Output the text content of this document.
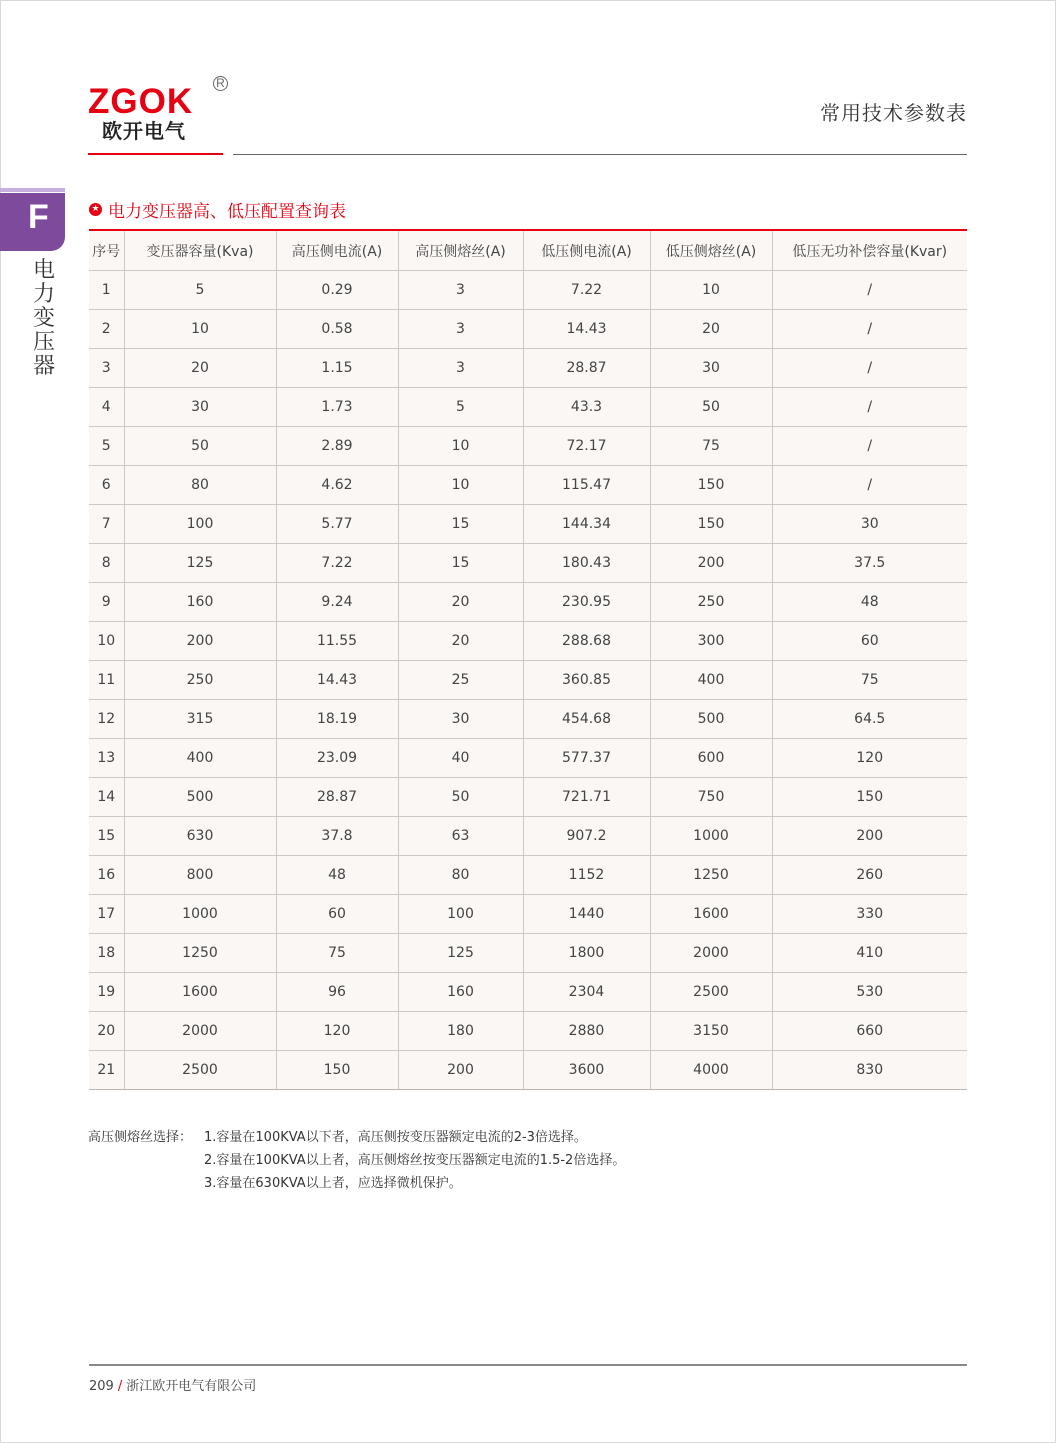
ZGOK R
欧开电气
常用技术参数表
F
电力变压器
★ 电力变压器高、低压配置查询表
序号	变压器容量(Kva)	高压侧电流(A)	高压侧熔丝(A)	低压侧电流(A)	低压侧熔丝(A)	低压无功补偿容量(Kvar)
1	5	0.29	3	7.22	10	/
2	10	0.58	3	14.43	20	/
3	20	1.15	3	28.87	30	/
4	30	1.73	5	43.3	50	/
5	50	2.89	10	72.17	75	/
6	80	4.62	10	115.47	150	/
7	100	5.77	15	144.34	150	30
8	125	7.22	15	180.43	200	37.5
9	160	9.24	20	230.95	250	48
10	200	11.55	20	288.68	300	60
11	250	14.43	25	360.85	400	75
12	315	18.19	30	454.68	500	64.5
13	400	23.09	40	577.37	600	120
14	500	28.87	50	721.71	750	150
15	630	37.8	63	907.2	1000	200
16	800	48	80	1152	1250	260
17	1000	60	100	1440	1600	330
18	1250	75	125	1800	2000	410
19	1600	96	160	2304	2500	530
20	2000	120	180	2880	3150	660
21	2500	150	200	3600	4000	830
高压侧熔丝选择： 1.容量在100KVA以下者，高压侧按变压器额定电流的2-3倍选择。
2.容量在100KVA以上者，高压侧熔丝按变压器额定电流的1.5-2倍选择。
3.容量在630KVA以上者，应选择微机保护。
209 / 浙江欧开电气有限公司
